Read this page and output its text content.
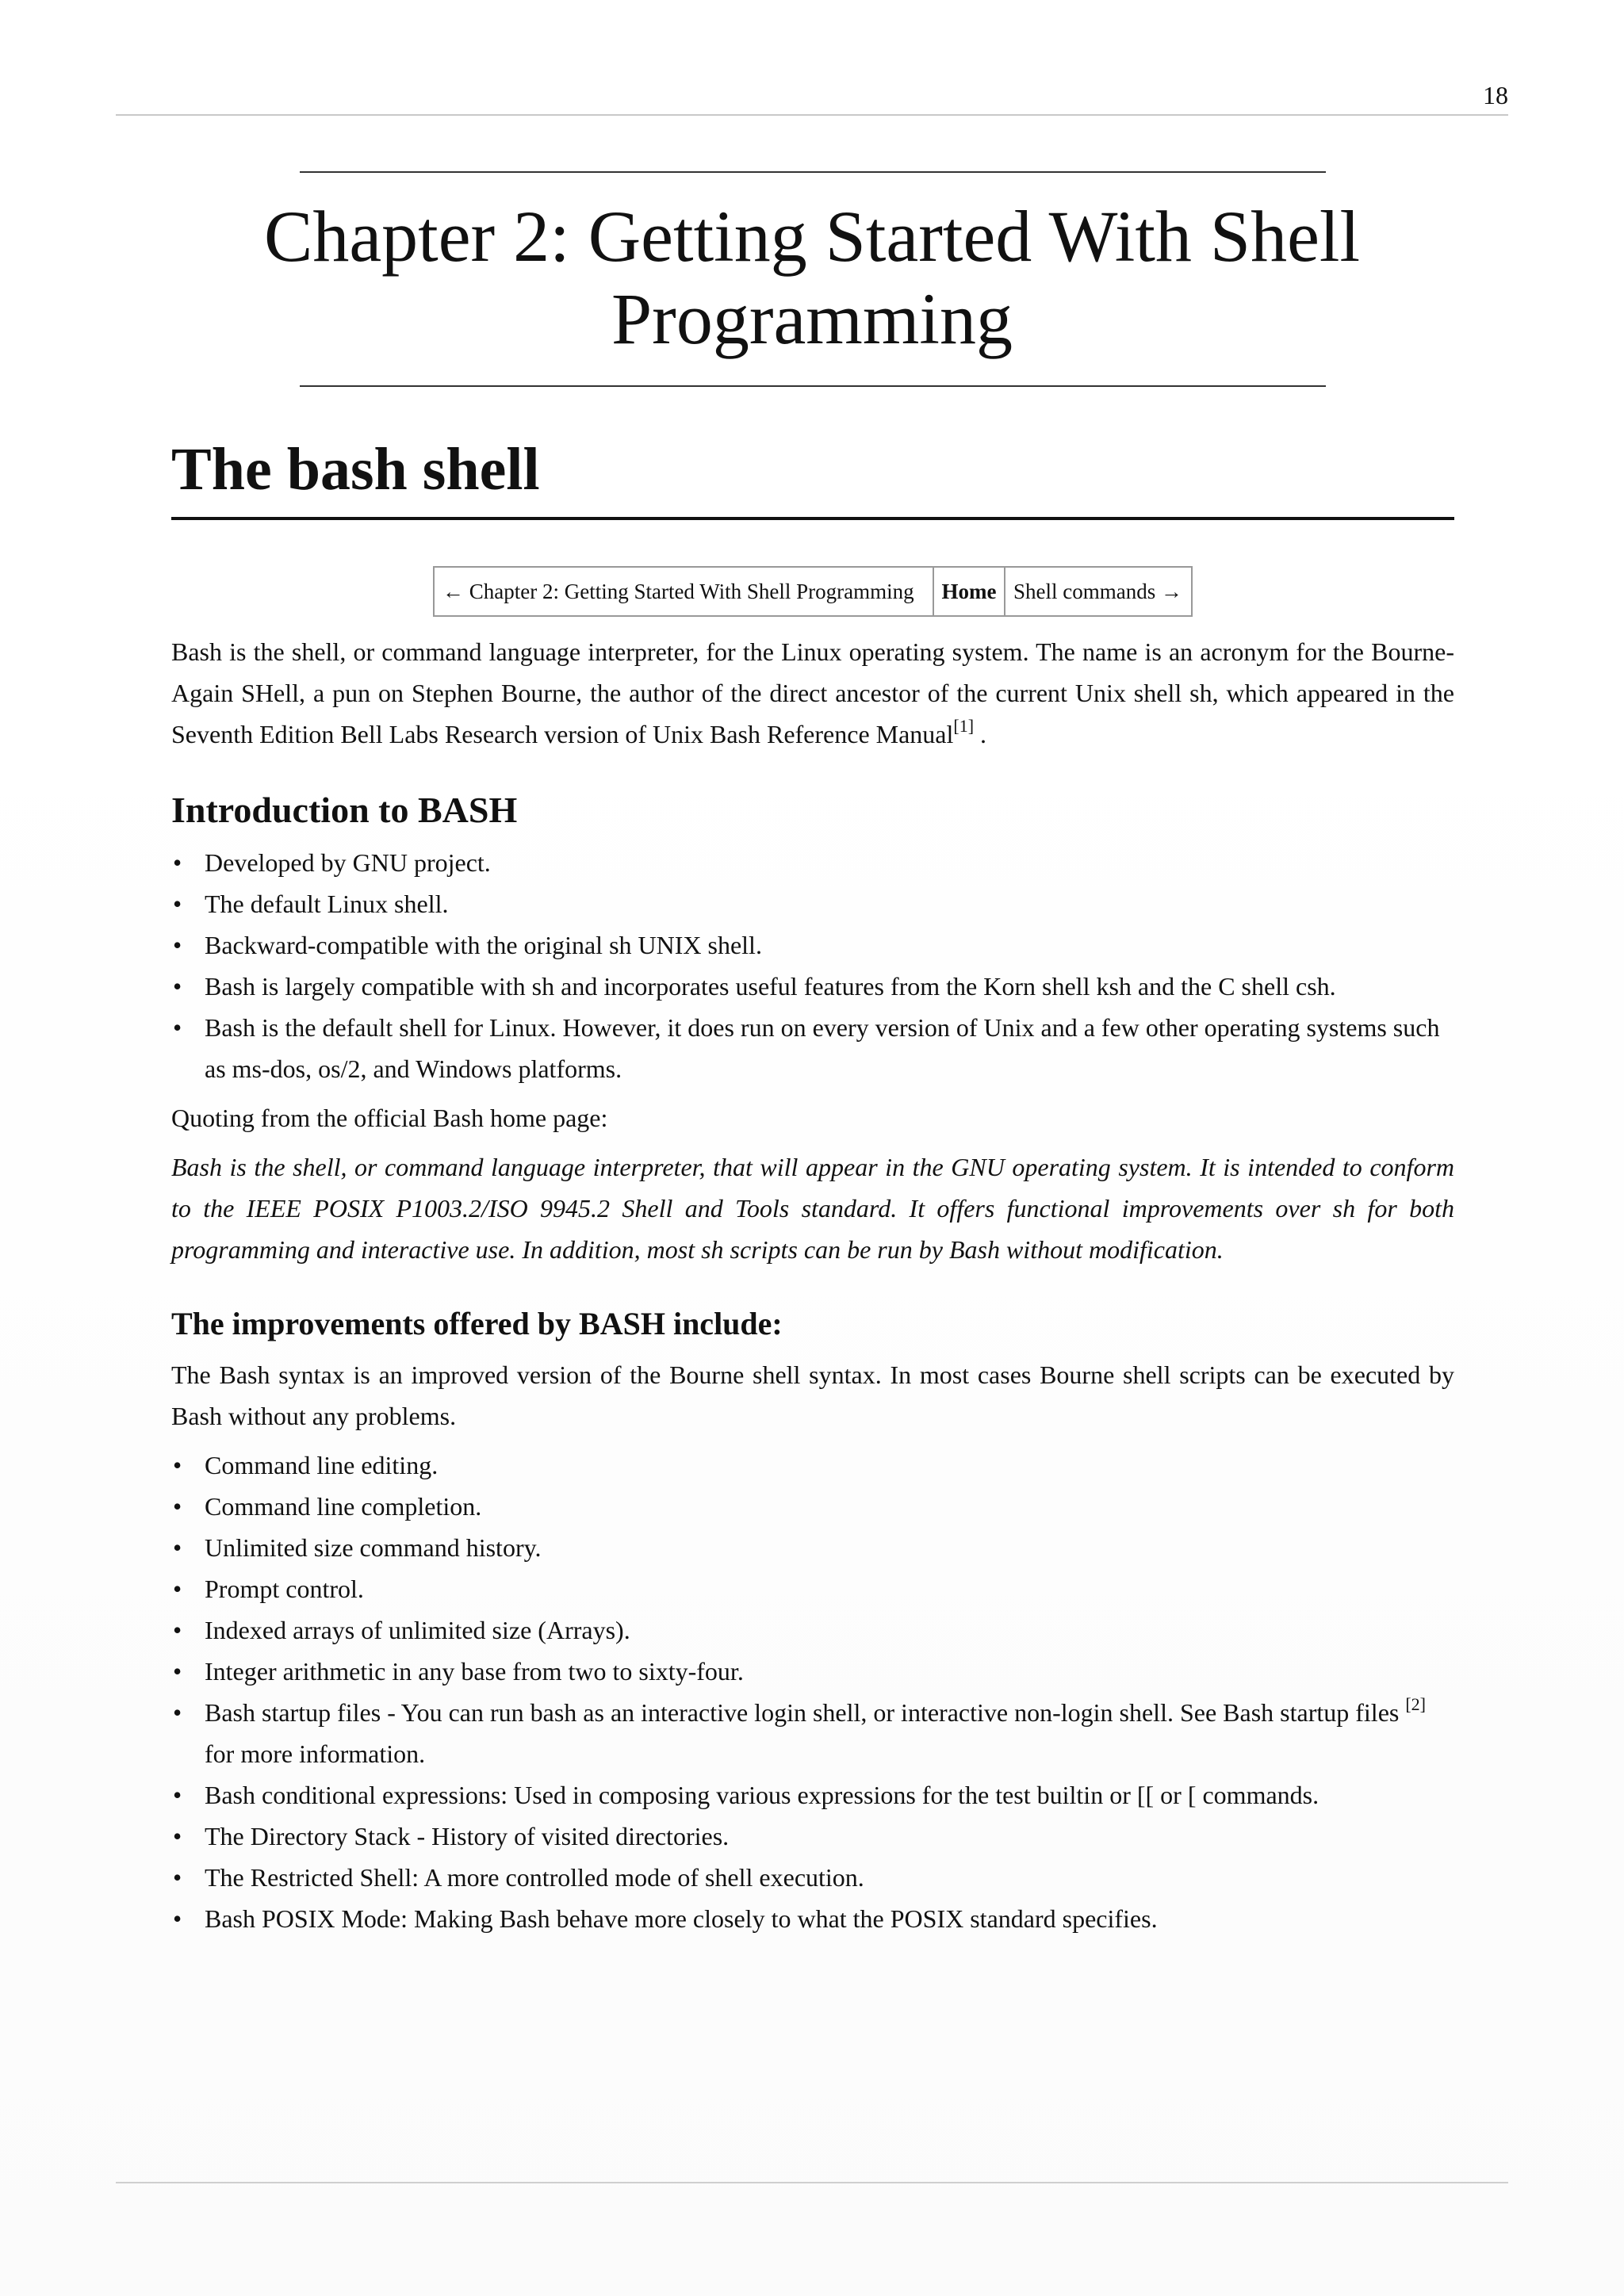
18
Chapter 2: Getting Started With Shell Programming
The bash shell
← Chapter 2: Getting Started With Shell Programming	Home Shell commands →

Bash is the shell, or command language interpreter, for the Linux operating system. The name is an acronym for the Bourne-Again SHell, a pun on Stephen Bourne, the author of the direct ancestor of the current Unix shell sh, which appeared in the Seventh Edition Bell Labs Research version of Unix Bash Reference Manual[1] .

Introduction to BASH
• Developed by GNU project.
• The default Linux shell.
• Backward-compatible with the original sh UNIX shell.
• Bash is largely compatible with sh and incorporates useful features from the Korn shell ksh and the C shell csh.
• Bash is the default shell for Linux. However, it does run on every version of Unix and a few other operating systems such as ms-dos, os/2, and Windows platforms.

Quoting from the official Bash home page:

Bash is the shell, or command language interpreter, that will appear in the GNU operating system. It is intended to conform to the IEEE POSIX P1003.2/ISO 9945.2 Shell and Tools standard. It offers functional improvements over sh for both programming and interactive use. In addition, most sh scripts can be run by Bash without modification.

The improvements offered by BASH include:

The Bash syntax is an improved version of the Bourne shell syntax. In most cases Bourne shell scripts can be executed by Bash without any problems.

• Command line editing.
• Command line completion.
• Unlimited size command history.
• Prompt control.
• Indexed arrays of unlimited size (Arrays).
• Integer arithmetic in any base from two to sixty-four.
• Bash startup files - You can run bash as an interactive login shell, or interactive non-login shell. See Bash startup files [2] for more information.
• Bash conditional expressions: Used in composing various expressions for the test builtin or [[ or [ commands.
• The Directory Stack - History of visited directories.
• The Restricted Shell: A more controlled mode of shell execution.
• Bash POSIX Mode: Making Bash behave more closely to what the POSIX standard specifies.
